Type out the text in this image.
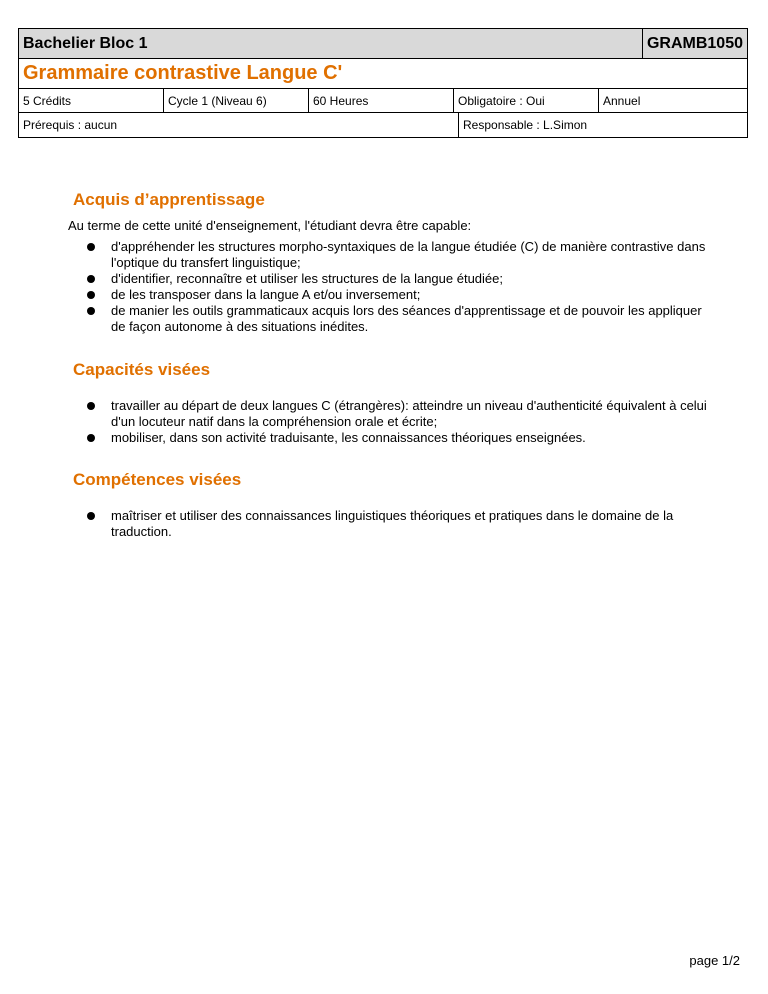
Bachelier Bloc 1	GRAMB1050
Grammaire contrastive Langue C'
5 Crédits	Cycle 1 (Niveau 6)	60 Heures	Obligatoire : Oui	Annuel
Prérequis : aucun	Responsable : L.Simon
Acquis d’apprentissage
Au terme de cette unité d'enseignement, l'étudiant devra être capable:
d'appréhender les structures morpho-syntaxiques de la langue étudiée (C) de manière contrastive dans l'optique du transfert linguistique;
d'identifier, reconnaître et utiliser les structures de la langue étudiée;
de les transposer dans la langue A et/ou inversement;
de manier les outils grammaticaux acquis lors des séances d'apprentissage et de pouvoir les appliquer de façon autonome à des situations inédites.
Capacités visées
travailler au départ de deux langues C (étrangères): atteindre un niveau d'authenticité équivalent à celui d'un locuteur natif dans la compréhension orale et écrite;
mobiliser, dans son activité traduisante, les connaissances théoriques enseignées.
Compétences visées
maîtriser et utiliser des connaissances linguistiques théoriques et pratiques dans le domaine de la traduction.
page 1/2
